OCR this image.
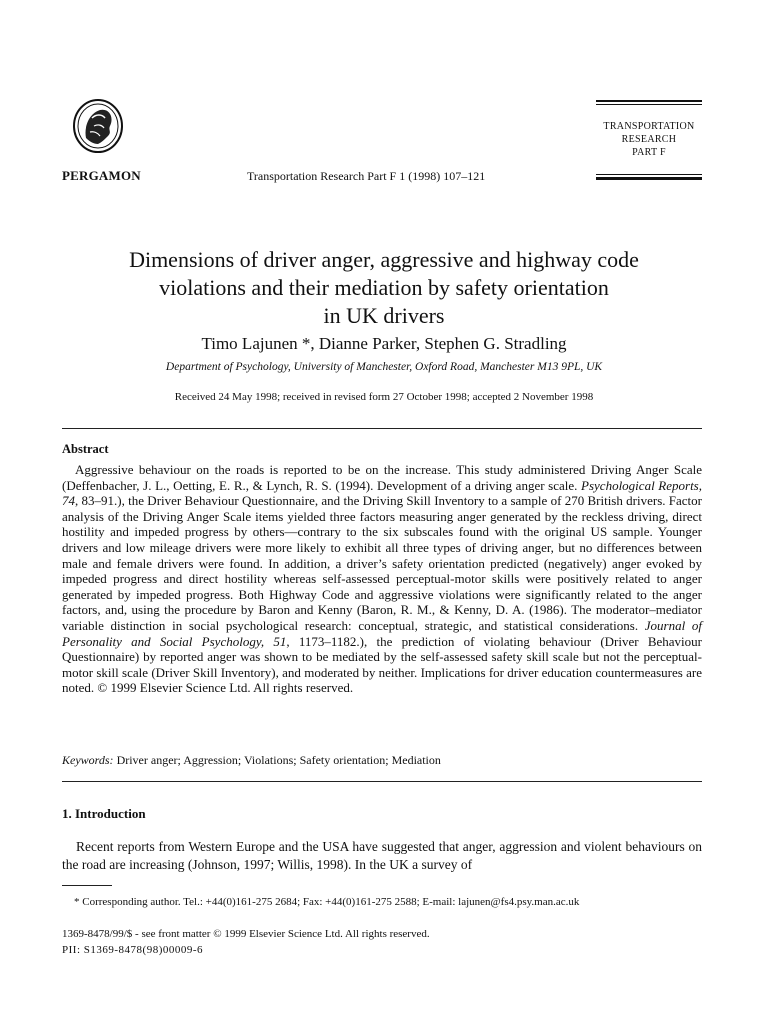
PERGAMON	Transportation Research Part F 1 (1998) 107–121
TRANSPORTATION
RESEARCH
PART F
Dimensions of driver anger, aggressive and highway code
violations and their mediation by safety orientation
in UK drivers
Timo Lajunen *, Dianne Parker, Stephen G. Stradling
Department of Psychology, University of Manchester, Oxford Road, Manchester M13 9PL, UK
Received 24 May 1998; received in revised form 27 October 1998; accepted 2 November 1998
Abstract
Aggressive behaviour on the roads is reported to be on the increase. This study administered Driving Anger Scale (Deffenbacher, J. L., Oetting, E. R., & Lynch, R. S. (1994). Development of a driving anger scale. Psychological Reports, 74, 83–91.), the Driver Behaviour Questionnaire, and the Driving Skill Inventory to a sample of 270 British drivers. Factor analysis of the Driving Anger Scale items yielded three factors measuring anger generated by the reckless driving, direct hostility and impeded progress by others—contrary to the six subscales found with the original US sample. Younger drivers and low mileage drivers were more likely to exhibit all three types of driving anger, but no differences between male and female drivers were found. In addition, a driver’s safety orientation predicted (negatively) anger evoked by impeded progress and direct hostility whereas self-assessed perceptual-motor skills were positively related to anger generated by impeded progress. Both Highway Code and aggressive violations were significantly related to the anger factors, and, using the procedure by Baron and Kenny (Baron, R. M., & Kenny, D. A. (1986). The moderator–mediator variable distinction in social psychological research: conceptual, strategic, and statistical considerations. Journal of Personality and Social Psychology, 51, 1173–1182.), the prediction of violating behaviour (Driver Behaviour Questionnaire) by reported anger was shown to be mediated by the self-assessed safety skill scale but not the perceptual-motor skill scale (Driver Skill Inventory), and moderated by neither. Implications for driver education countermeasures are noted. © 1999 Elsevier Science Ltd. All rights reserved.
Keywords: Driver anger; Aggression; Violations; Safety orientation; Mediation
1. Introduction
Recent reports from Western Europe and the USA have suggested that anger, aggression and violent behaviours on the road are increasing (Johnson, 1997; Willis, 1998). In the UK a survey of
* Corresponding author. Tel.: +44(0)161-275 2684; Fax: +44(0)161-275 2588; E-mail: lajunen@fs4.psy.man.ac.uk
1369-8478/99/$ - see front matter © 1999 Elsevier Science Ltd. All rights reserved.
PII: S1369-8478(98)00009-6
